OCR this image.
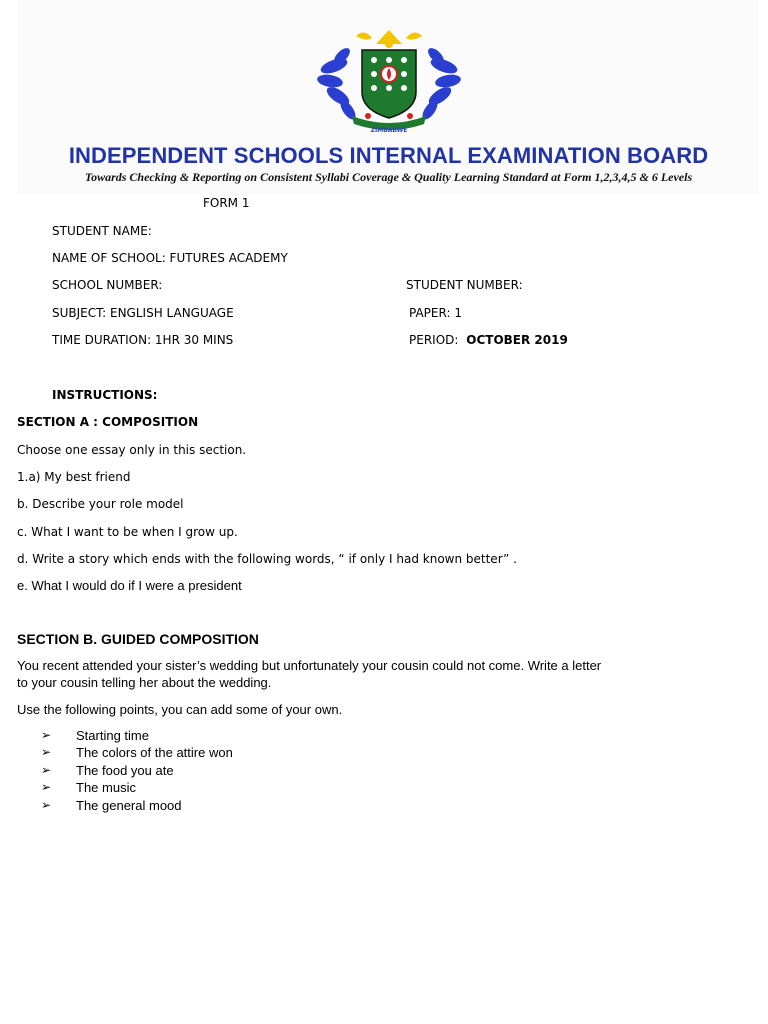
ZIMBABWE
INDEPENDENT SCHOOLS INTERNAL EXAMINATION BOARD
Towards Checking & Reporting on Consistent Syllabi Coverage & Quality Learning Standard at Form 1,2,3,4,5 & 6 Levels
FORM 1
STUDENT NAME:
NAME OF SCHOOL: FUTURES ACADEMY
SCHOOL NUMBER:	STUDENT NUMBER:
SUBJECT: ENGLISH LANGUAGE	PAPER: 1
TIME DURATION: 1HR 30 MINS	PERIOD: OCTOBER 2019
INSTRUCTIONS:
SECTION A : COMPOSITION
Choose one essay only in this section.
1.a) My best friend
b. Describe your role model
c. What I want to be when I grow up.
d. Write a story which ends with the following words, “ if only I had known better” .
e. What I would do if I were a president
SECTION B. GUIDED COMPOSITION
You recent attended your sister’s wedding but unfortunately your cousin could not come. Write a letter
to your cousin telling her about the wedding.
Use the following points, you can add some of your own.
➢ Starting time
➢ The colors of the attire won
➢ The food you ate
➢ The music
➢ The general mood
